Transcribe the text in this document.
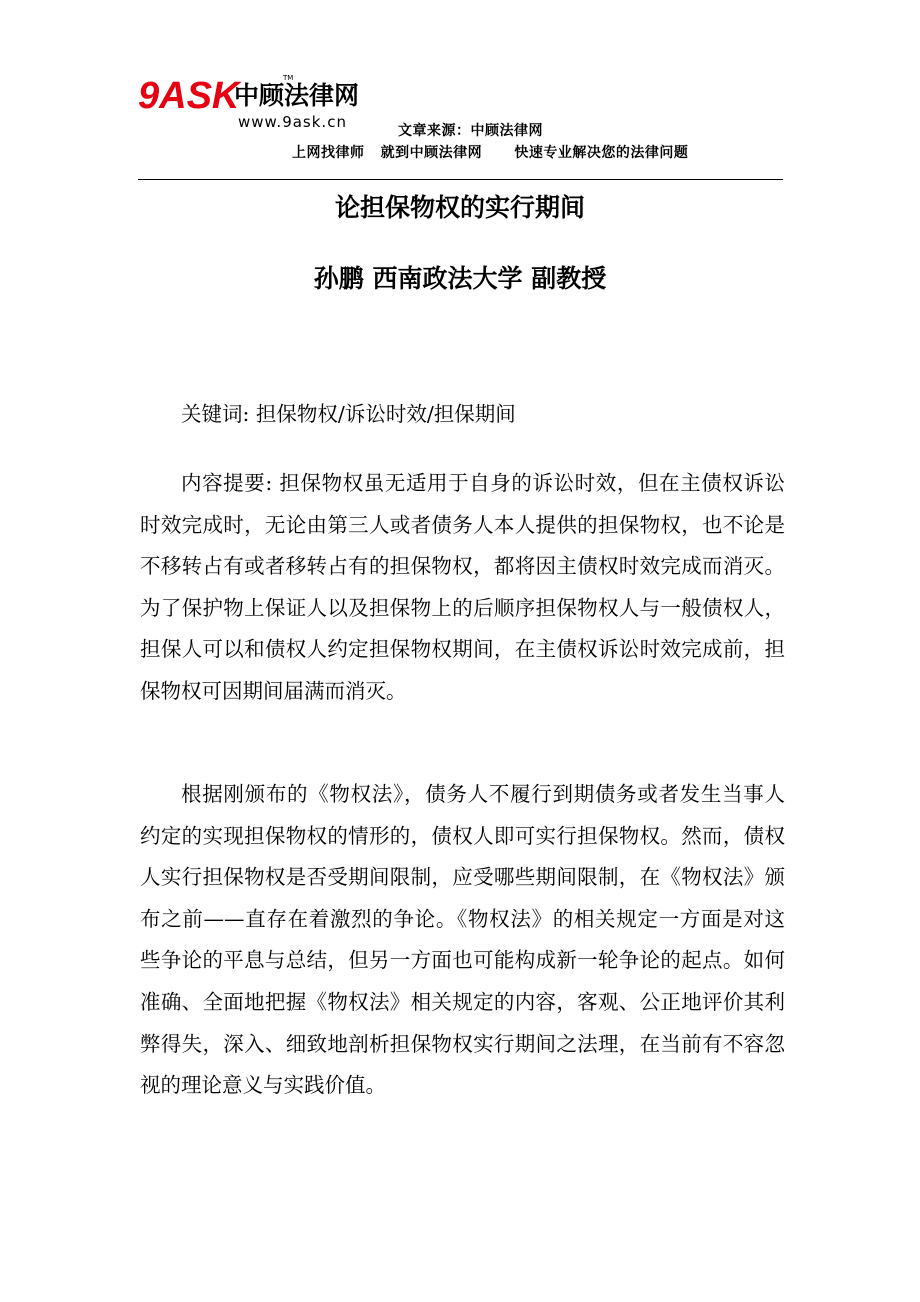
9ASK
中顾法律网
TM
www.9ask.cn	文章来源：中顾法律网
上网找律师   就到中顾法律网      快速专业解决您的法律问题
论担保物权的实行期间
孙鹏 西南政法大学 副教授

关键词: 担保物权/诉讼时效/担保期间

内容提要: 担保物权虽无适用于自身的诉讼时效，但在主债权诉讼时效完成时，无论由第三人或者债务人本人提供的担保物权，也不论是不移转占有或者移转占有的担保物权，都将因主债权时效完成而消灭。为了保护物上保证人以及担保物上的后顺序担保物权人与一般债权人，担保人可以和债权人约定担保物权期间，在主债权诉讼时效完成前，担保物权可因期间届满而消灭。

根据刚颁布的《物权法》，债务人不履行到期债务或者发生当事人约定的实现担保物权的情形的，债权人即可实行担保物权。然而，债权人实行担保物权是否受期间限制，应受哪些期间限制，在《物权法》颁布之前——直存在着激烈的争论。《物权法》的相关规定一方面是对这些争论的平息与总结，但另一方面也可能构成新一轮争论的起点。如何准确、全面地把握《物权法》相关规定的内容，客观、公正地评价其利弊得失，深入、细致地剖析担保物权实行期间之法理，在当前有不容忽视的理论意义与实践价值。
